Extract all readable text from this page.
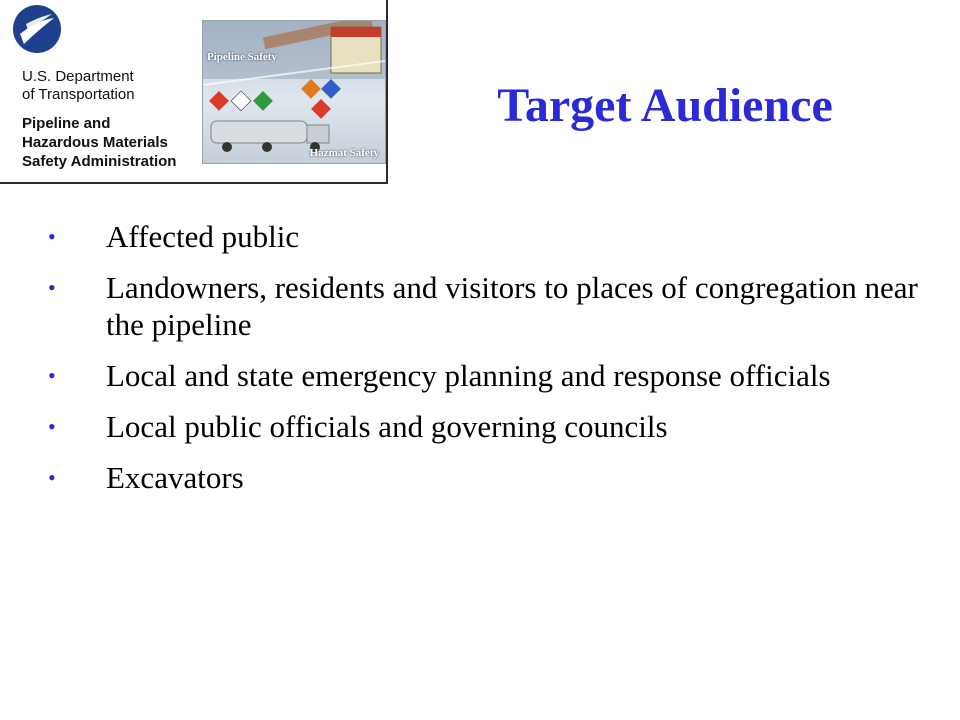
U.S. Department
of Transportation
Pipeline and
Hazardous Materials
Safety Administration
Pipeline Safety
Hazmat Safety
Target Audience
• Affected public
• Landowners, residents and visitors to places of congregation near the pipeline
• Local and state emergency planning and response officials
• Local public officials and governing councils
• Excavators
